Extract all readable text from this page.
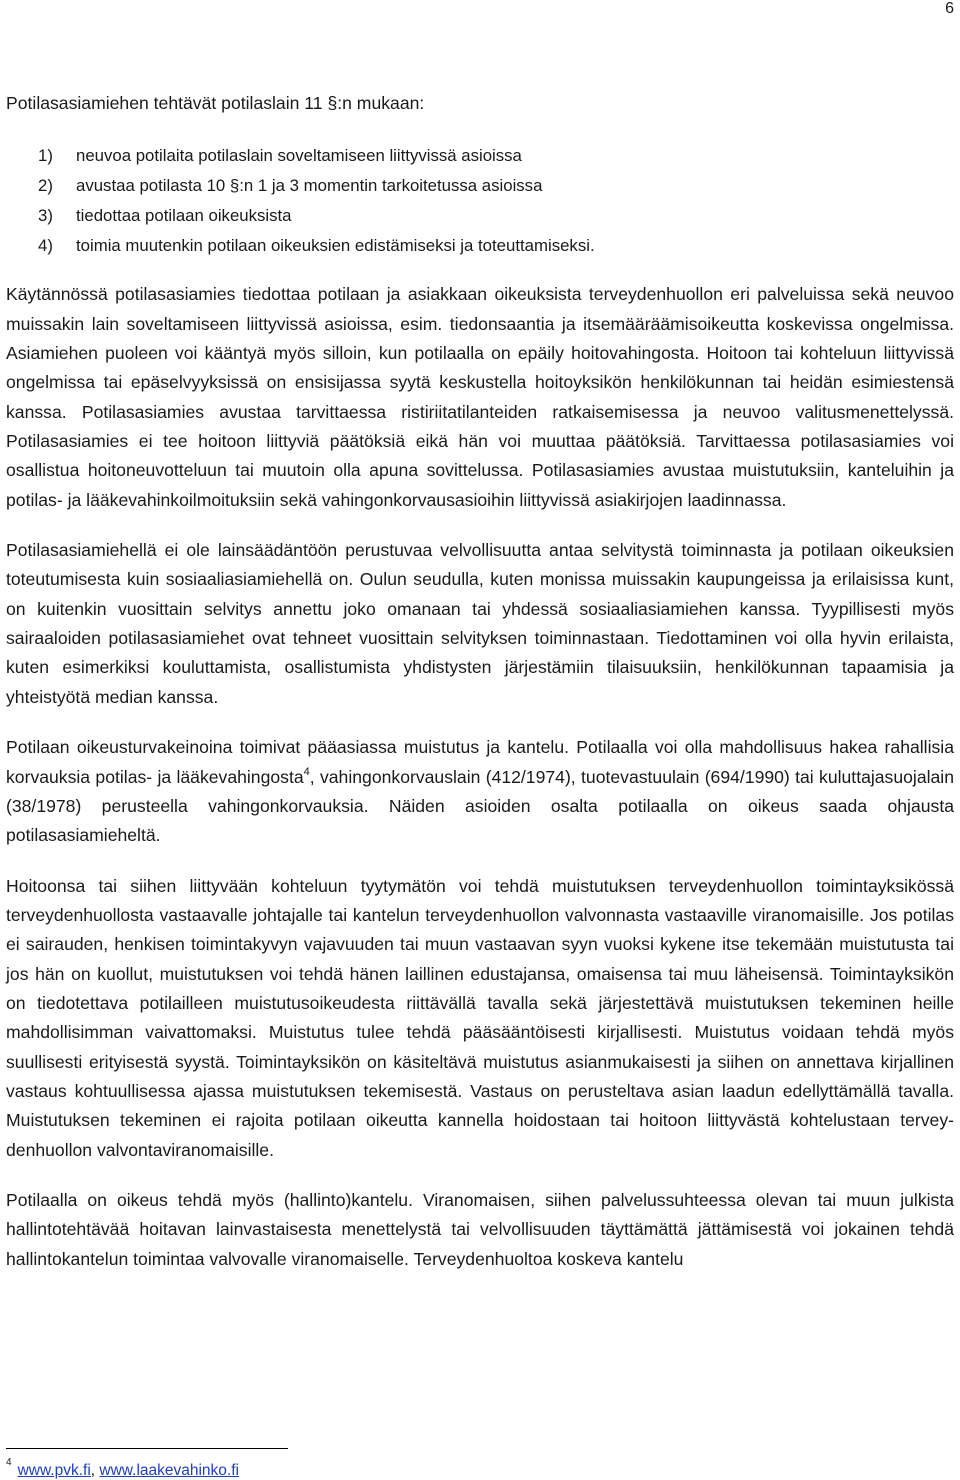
6

Potilasasiamiehen tehtävät potilaslain 11 §:n mukaan:

1) neuvoa potilaita potilaslain soveltamiseen liittyvissä asioissa
2) avustaa potilasta 10 §:n 1 ja 3 momentin tarkoitetussa asioissa
3) tiedottaa potilaan oikeuksista
4) toimia muutenkin potilaan oikeuksien edistämiseksi ja toteuttamiseksi.

Käytännössä potilasasiamies tiedottaa potilaan ja asiakkaan oikeuksista terveydenhuollon eri palveluissa sekä neuvoo muissakin lain soveltamiseen liittyvissä asioissa, esim. tiedonsaantia ja itsemääräämisoikeutta koskevissa ongelmissa. Asiamiehen puoleen voi kääntyä myös silloin, kun potilaalla on epäily hoitovahingosta. Hoitoon tai kohteluun liittyvissä ongelmissa tai epäselvyyksissä on ensisijassa syytä keskustella hoitoyksikön henkilökunnan tai heidän esimiestensä kanssa. Potilasasiamies avustaa tarvittaessa ristiriitatilanteiden ratkaisemisessa ja neuvoo valitusmenettelyssä. Potilasasiamies ei tee hoitoon liittyviä päätöksiä eikä hän voi muuttaa päätöksiä. Tarvittaessa potilasasiamies voi osallistua hoitoneuvotteluun tai muutoin olla apuna sovittelussa. Potilasasiamies avustaa muistutuksiin, kanteluihin ja potilas- ja lääkevahinkoilmoituksiin sekä vahingonkorvausasioihin liittyvissä asiakirjojen laadinnassa.

Potilasasiamiehellä ei ole lainsäädäntöön perustuvaa velvollisuutta antaa selvitystä toiminnasta ja potilaan oikeuksien toteutumisesta kuin sosiaaliasiamiehellä on. Oulun seudulla, kuten monissa muissakin kaupungeissa ja erilaisissa kunt, on kuitenkin vuosittain selvitys annettu joko omanaan tai yhdessä sosiaaliasiamiehen kanssa. Tyypillisesti myös sairaaloiden potilasasiamiehet ovat tehneet vuosittain selvityksen toiminnastaan. Tiedottaminen voi olla hyvin erilaista, kuten esimerkiksi kouluttamista, osallistumista yhdistysten järjestämiin tilaisuuksiin, henkilökunnan tapaamisia ja yhteistyötä median kanssa.

Potilaan oikeusturvakeinoina toimivat pääasiassa muistutus ja kantelu. Potilaalla voi olla mahdollisuus hakea rahallisia korvauksia potilas- ja lääkevahingosta$^4$, vahingonkorvauslain (412/1974), tuotevastuulain (694/1990) tai kuluttajasuojalain (38/1978) perusteella vahingonkorvauksia. Näiden asioiden osalta potilaalla on oikeus saada ohjausta potilasasiamieheltä.

Hoitoonsa tai siihen liittyvään kohteluun tyytymätön voi tehdä muistutuksen terveydenhuollon toimintayksikössä terveydenhuollosta vastaavalle johtajalle tai kantelun terveydenhuollon valvonnasta vastaaville viranomaisille. Jos potilas ei sairauden, henkisen toimintakyvyn vajavuuden tai muun vastaavan syyn vuoksi kykene itse tekemään muistutusta tai jos hän on kuollut, muistutuksen voi tehdä hänen laillinen edustajansa, omaisensa tai muu läheisensä. Toimintayksikön on tiedotettava potilailleen muistutusoikeudesta riittävällä tavalla sekä järjestettävä muistutuksen tekeminen heille mahdollisimman vaivattomaksi. Muistutus tulee tehdä pääsääntöisesti kirjallisesti. Muistutus voidaan tehdä myös suullisesti erityisestä syystä. Toimintayksikön on käsiteltävä muistutus asianmukaisesti ja siihen on annettava kirjallinen vastaus kohtuullisessa ajassa muistutuksen tekemisestä. Vastaus on perusteltava asian laadun edellyttämällä tavalla. Muistutuksen tekeminen ei rajoita potilaan oikeutta kannella hoidostaan tai hoitoon liittyvästä kohtelustaan terveydenhuollon valvontaviranomaisille.

Potilaalla on oikeus tehdä myös (hallinto)kantelu. Viranomaisen, siihen palvelussuhteessa olevan tai muun julkista hallintotehtävää hoitavan lainvastaisesta menettelystä tai velvollisuuden täyttämättä jättämisestä voi jokainen tehdä hallintokantelun toimintaa valvovalle viranomaiselle. Terveydenhuoltoa koskeva kantelu

$^4$ www.pvk.fi, www.laakevahinko.fi
